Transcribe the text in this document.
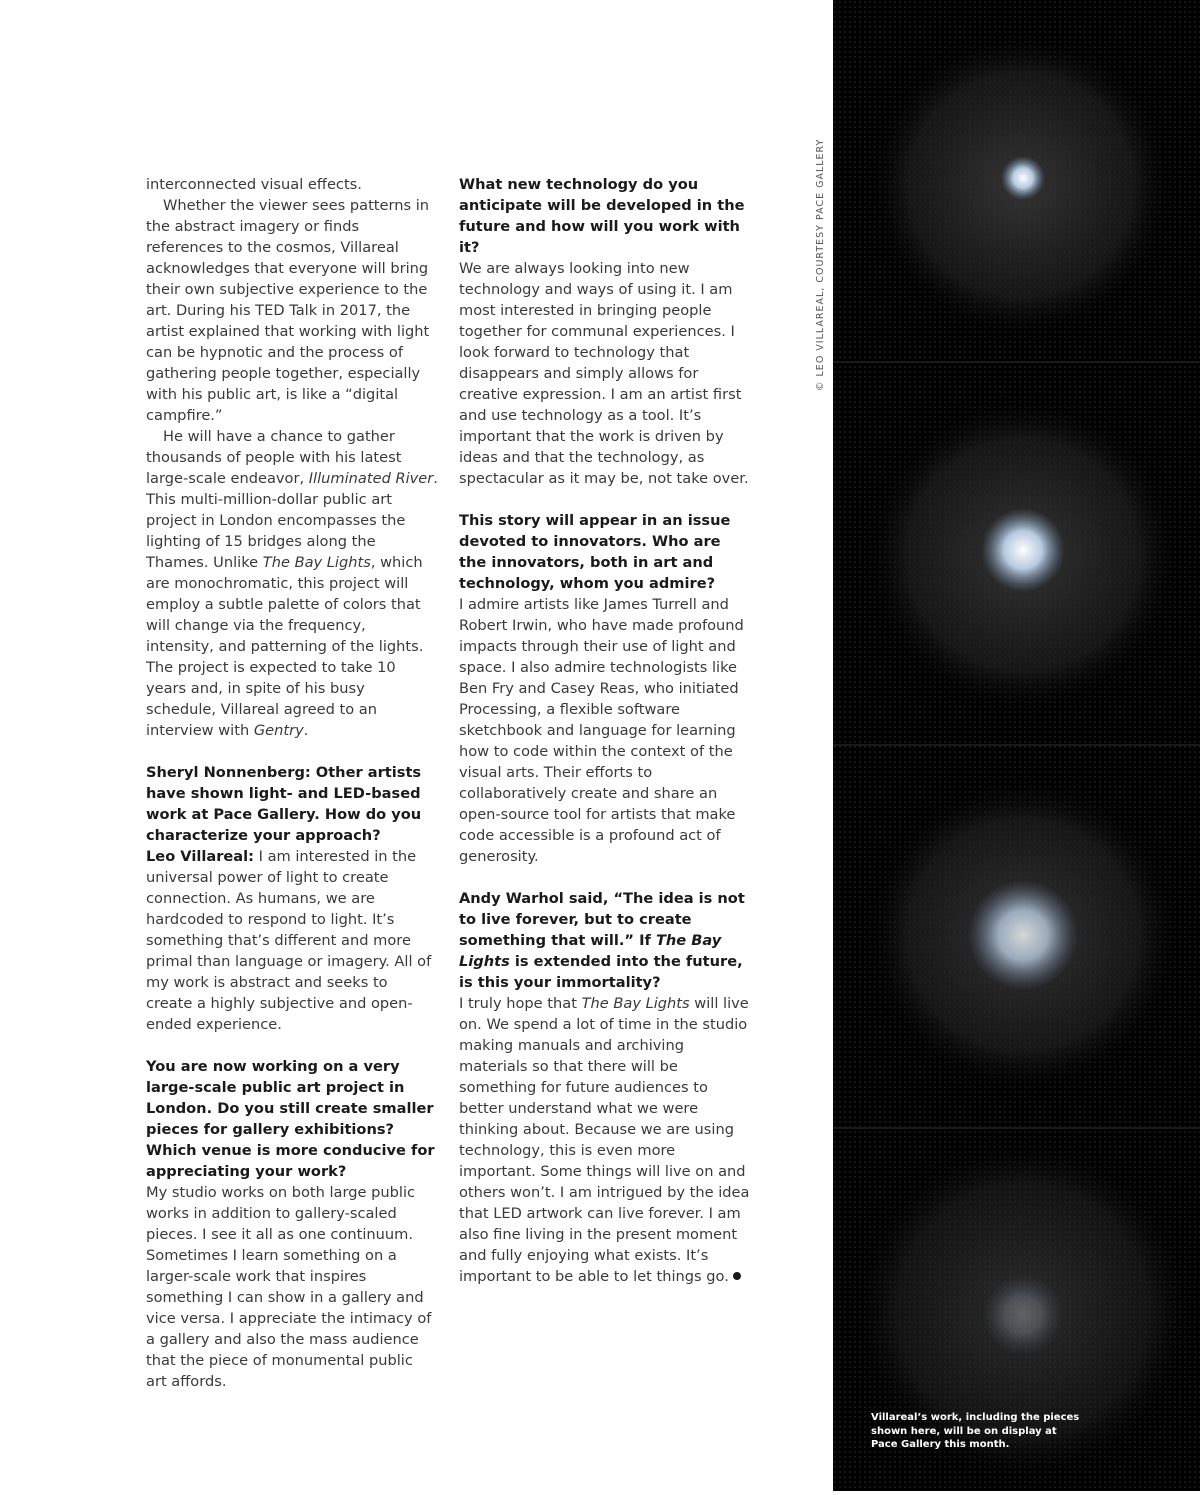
interconnected visual effects.

Whether the viewer sees patterns in the abstract imagery or finds references to the cosmos, Villareal acknowledges that everyone will bring their own subjective experience to the art. During his TED Talk in 2017, the artist explained that working with light can be hypnotic and the process of gathering people together, especially with his public art, is like a “digital campfire.”

He will have a chance to gather thousands of people with his latest large-scale endeavor, Illuminated River. This multi-million-dollar public art project in London encompasses the lighting of 15 bridges along the Thames. Unlike The Bay Lights, which are monochromatic, this project will employ a subtle palette of colors that will change via the frequency, intensity, and patterning of the lights. The project is expected to take 10 years and, in spite of his busy schedule, Villareal agreed to an interview with Gentry.

Sheryl Nonnenberg: Other artists have shown light- and LED-based work at Pace Gallery. How do you characterize your approach?

Leo Villareal: I am interested in the universal power of light to create connection. As humans, we are hardcoded to respond to light. It’s something that’s different and more primal than language or imagery. All of my work is abstract and seeks to create a highly subjective and open-ended experience.

You are now working on a very large-scale public art project in London. Do you still create smaller pieces for gallery exhibitions? Which venue is more conducive for appreciating your work?

My studio works on both large public works in addition to gallery-scaled pieces. I see it all as one continuum. Sometimes I learn something on a larger-scale work that inspires something I can show in a gallery and vice versa. I appreciate the intimacy of a gallery and also the mass audience that the piece of monumental public art affords.

What new technology do you anticipate will be developed in the future and how will you work with it?

We are always looking into new technology and ways of using it. I am most interested in bringing people together for communal experiences. I look forward to technology that disappears and simply allows for creative expression. I am an artist first and use technology as a tool. It’s important that the work is driven by ideas and that the technology, as spectacular as it may be, not take over.

This story will appear in an issue devoted to innovators. Who are the innovators, both in art and technology, whom you admire?

I admire artists like James Turrell and Robert Irwin, who have made profound impacts through their use of light and space. I also admire technologists like Ben Fry and Casey Reas, who initiated Processing, a flexible software sketchbook and language for learning how to code within the context of the visual arts. Their efforts to collaboratively create and share an open-source tool for artists that make code accessible is a profound act of generosity.

Andy Warhol said, “The idea is not to live forever, but to create something that will.” If The Bay Lights is extended into the future, is this your immortality?

I truly hope that The Bay Lights will live on. We spend a lot of time in the studio making manuals and archiving materials so that there will be something for future audiences to better understand what we were thinking about. Because we are using technology, this is even more important. Some things will live on and others won’t. I am intrigued by the idea that LED artwork can live forever. I am also fine living in the present moment and fully enjoying what exists. It’s important to be able to let things go.

© LEO VILLAREAL, COURTESY PACE GALLERY
Villareal’s work, including the pieces shown here, will be on display at Pace Gallery this month.
